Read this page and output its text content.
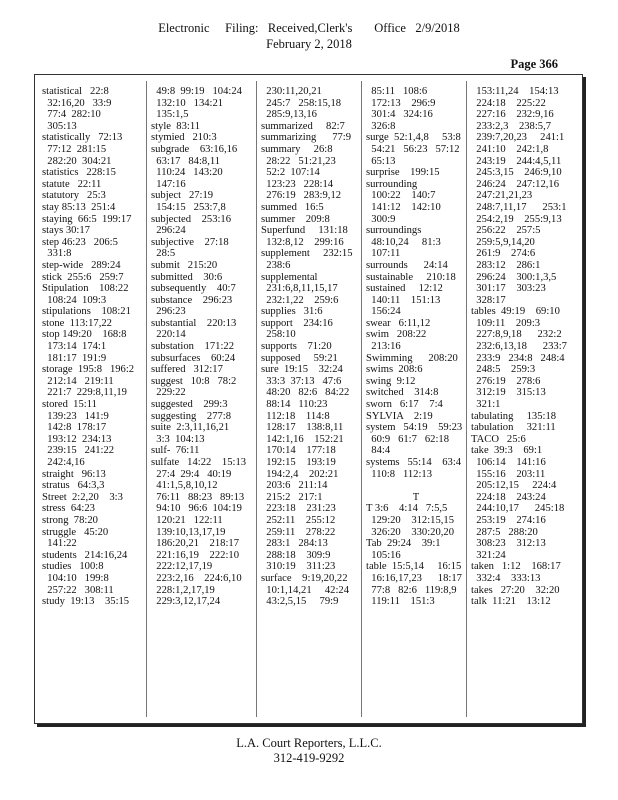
Electronic     Filing:   Received,Clerk's       Office   2/9/2018
February 2, 2018
Page 366
statistical   22:8
32:16,20   33:9
77:4  282:10
305:13
statistically   72:13
77:12  281:15
282:20  304:21
statistics   228:15
statute   22:11
statutory   25:3
stay 85:13  251:4
staying  66:5  199:17
stays 30:17
step 46:23   206:5
331:8
step-wide   289:24
stick  255:6   259:7
Stipulation    108:22
108:24  109:3
stipulations    108:21
stone  113:17,22
stop 149:20    168:8
173:14  174:1
181:17  191:9
storage  195:8   196:2
212:14   219:11
221:7  229:8,11,19
stored  15:11
139:23   141:9
142:8  178:17
193:12  234:13
239:15   241:22
242:4,16
straight   96:13
stratus   64:3,3
Street  2:2,20    3:3
stress  64:23
strong  78:20
struggle   45:20
141:22
students   214:16,24
studies   100:8
104:10   199:8
257:22   308:11
study  19:13    35:15
49:8  99:19   104:24
132:10   134:21
135:1,5
style  83:11
stymied   210:3
subgrade    63:16,16
63:17   84:8,11
110:24   143:20
147:16
subject   27:19
154:15   253:7,8
subjected    253:16
296:24
subjective    27:18
28:5
submit   215:20
submitted    30:6
subsequently    40:7
substance    296:23
296:23
substantial    220:13
220:14
substation    171:22
subsurfaces    60:24
suffered   312:17
suggest   10:8   78:2
229:22
suggested    299:3
suggesting    277:8
suite  2:3,11,16,21
3:3  104:13
sulf-  76:11
sulfate   14:22    15:13
27:4  29:4   40:19
41:1,5,8,10,12
76:11   88:23   89:13
94:10   96:6  104:19
120:21   122:11
139:10,13,17,19
186:20,21    218:17
221:16,19    222:10
222:12,17,19
223:2,16    224:6,10
228:1,2,17,19
229:3,12,17,24
230:11,20,21
245:7   258:15,18
285:9,13,16
summarized     82:7
summarizing      77:9
summary     26:8
28:22   51:21,23
52:2  107:14
123:23   228:14
276:19   283:9,12
summed   16:5
summer    209:8
Superfund     131:18
132:8,12    299:16
supplement     232:15
238:6
supplemental
231:6,8,11,15,17
232:1,22    259:6
supplies   31:6
support    234:16
258:10
supports    71:20
supposed     59:21
sure  19:15    32:24
33:3  37:13   47:6
48:20   82:6   84:22
88:14   110:23
112:18    114:8
128:17    138:8,11
142:1,16    152:21
170:14    177:18
192:15    193:19
194:2,4    202:21
203:6   211:14
215:2   217:1
223:18    231:23
252:11    255:12
259:11    278:22
283:1   284:13
288:18    309:9
310:19    311:23
surface    9:19,20,22
10:1,14,21     42:24
43:2,5,15     79:9
85:11   108:6
172:13    296:9
301:4   324:16
326:8
surge  52:1,4,8     53:8
54:21   56:23   57:12
65:13
surprise    199:15
surrounding
100:22    140:7
141:12    142:10
300:9
surroundings
48:10,24     81:3
107:11
surrounds      24:14
sustainable     210:18
sustained     12:12
140:11    151:13
156:24
swear   6:11,12
swim   208:22
213:16
Swimming      208:20
swims  208:6
swing  9:12
switched    314:8
sworn   6:17    7:4
SYLVIA    2:19
system   54:19    59:23
60:9   61:7   62:18
84:4
systems   55:14    63:4
110:8   112:13
T
T 3:6    4:14   7:5,5
129:20    312:15,15
326:20    330:20,20
Tab  29:24    39:1
105:16
table  15:5,14     16:15
16:16,17,23      18:17
77:8   82:6   119:8,9
119:11    151:3
153:11,24    154:13
224:18    225:22
227:16    232:9,16
233:2,3    238:5,7
239:7,20,23     241:1
241:10    242:1,8
243:19    244:4,5,11
245:3,15    246:9,10
246:24    247:12,16
247:21,21,23
248:7,11,17      253:1
254:2,19    255:9,13
256:22    257:5
259:5,9,14,20
261:9    274:6
283:12    286:1
296:24    300:1,3,5
301:17    303:23
328:17
tables  49:19    69:10
109:11    209:3
227:8,9,18      232:2
232:6,13,18      233:7
233:9   234:8   248:4
248:5    259:3
276:19    278:6
312:19    315:13
321:1
tabulating     135:18
tabulation     321:11
TACO   25:6
take  39:3    69:1
106:14    141:16
155:16    203:11
205:12,15     224:4
224:18    243:24
244:10,17      245:18
253:19    274:16
287:5   288:20
308:23    312:13
321:24
taken   1:12    168:17
332:4    333:13
takes   27:20    32:20
talk  11:21    13:12
L.A. Court Reporters, L.L.C.
312-419-9292
